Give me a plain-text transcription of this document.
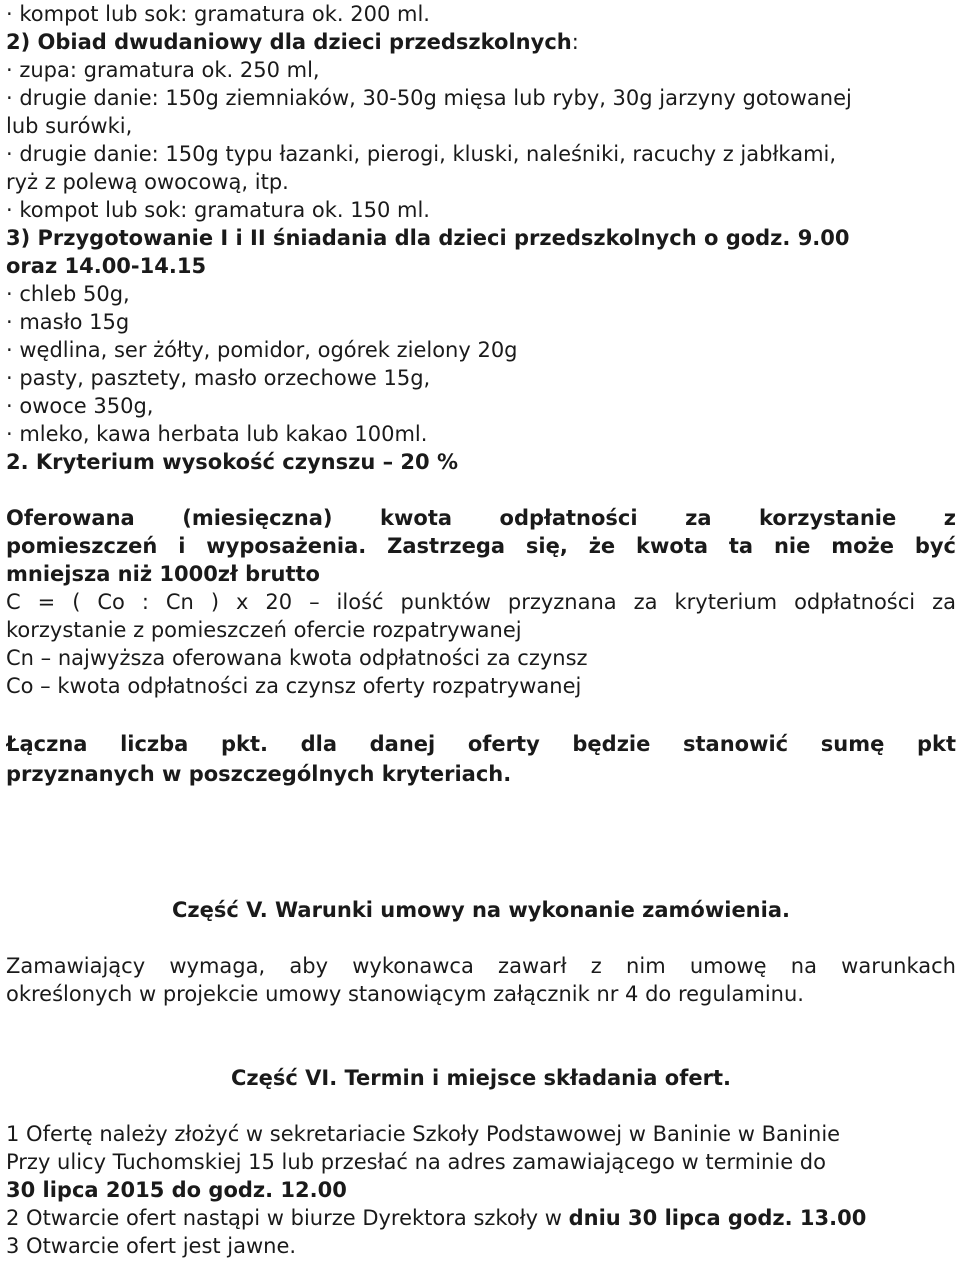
· kompot lub sok: gramatura ok. 200 ml.
2) Obiad dwudaniowy dla dzieci przedszkolnych:
· zupa: gramatura ok. 250 ml,
· drugie danie: 150g ziemniaków, 30-50g mięsa lub ryby, 30g jarzyny gotowanej
lub surówki,
· drugie danie: 150g typu łazanki, pierogi, kluski, naleśniki, racuchy z jabłkami,
ryż z polewą owocową, itp.
· kompot lub sok: gramatura ok. 150 ml.
3) Przygotowanie I i II śniadania dla dzieci przedszkolnych o godz. 9.00
oraz 14.00-14.15
· chleb 50g,
· masło 15g
· wędlina, ser żółty, pomidor, ogórek zielony 20g
· pasty, pasztety, masło orzechowe 15g,
· owoce 350g,
· mleko, kawa herbata lub kakao 100ml.
2. Kryterium wysokość czynszu – 20 %
Oferowana (miesięczna) kwota odpłatności za korzystanie z
pomieszczeń i wyposażenia. Zastrzega się, że kwota ta nie może być
mniejsza niż 1000zł brutto
C = ( Co : Cn ) x 20 – ilość punktów przyznana za kryterium odpłatności za
korzystanie z pomieszczeń ofercie rozpatrywanej
Cn – najwyższa oferowana kwota odpłatności za czynsz
Co – kwota odpłatności za czynsz oferty rozpatrywanej
Łączna liczba pkt. dla danej oferty będzie stanowić sumę pkt
przyznanych w poszczególnych kryteriach.
Część V. Warunki umowy na wykonanie zamówienia.
Zamawiający wymaga, aby wykonawca zawarł z nim umowę na warunkach
określonych w projekcie umowy stanowiącym załącznik nr 4 do regulaminu.
Część VI. Termin i miejsce składania ofert.
1 Ofertę należy złożyć w sekretariacie Szkoły Podstawowej w Baninie w Baninie
Przy ulicy Tuchomskiej 15 lub przesłać na adres zamawiającego w terminie do
30 lipca 2015 do godz. 12.00
2 Otwarcie ofert nastąpi w biurze Dyrektora szkoły w dniu 30 lipca godz. 13.00
3 Otwarcie ofert jest jawne.
